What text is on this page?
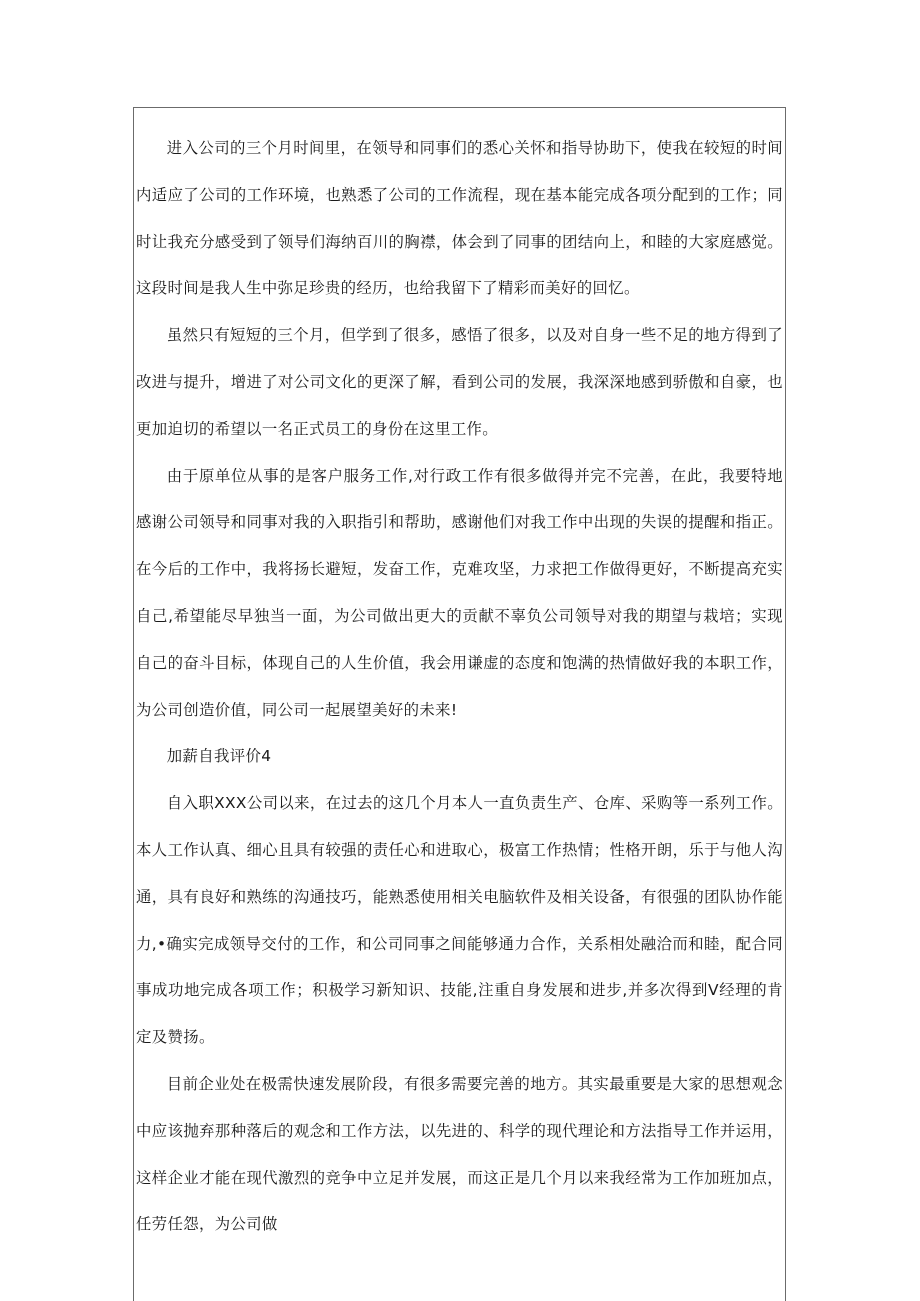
进入公司的三个月时间里，在领导和同事们的悉心关怀和指导协助下，使我在较短的时间内适应了公司的工作环境，也熟悉了公司的工作流程，现在基本能完成各项分配到的工作；同时让我充分感受到了领导们海纳百川的胸襟，体会到了同事的团结向上，和睦的大家庭感觉。这段时间是我人生中弥足珍贵的经历，也给我留下了精彩而美好的回忆。

虽然只有短短的三个月，但学到了很多，感悟了很多，以及对自身一些不足的地方得到了改进与提升，增进了对公司文化的更深了解，看到公司的发展，我深深地感到骄傲和自豪，也更加迫切的希望以一名正式员工的身份在这里工作。

由于原单位从事的是客户服务工作,对行政工作有很多做得并完不完善，在此，我要特地感谢公司领导和同事对我的入职指引和帮助，感谢他们对我工作中出现的失误的提醒和指正。在今后的工作中，我将扬长避短，发奋工作，克难攻坚，力求把工作做得更好，不断提高充实自己,希望能尽早独当一面，为公司做出更大的贡献不辜负公司领导对我的期望与栽培；实现自己的奋斗目标，体现自己的人生价值，我会用谦虚的态度和饱满的热情做好我的本职工作，为公司创造价值，同公司一起展望美好的未来!

加薪自我评价4

自入职XXX公司以来，在过去的这几个月本人一直负责生产、仓库、采购等一系列工作。本人工作认真、细心且具有较强的责任心和进取心，极富工作热情；性格开朗，乐于与他人沟通，具有良好和熟练的沟通技巧，能熟悉使用相关电脑软件及相关设备，有很强的团队协作能力,•确实完成领导交付的工作，和公司同事之间能够通力合作，关系相处融洽而和睦，配合同事成功地完成各项工作；积极学习新知识、技能,注重自身发展和进步,并多次得到V经理的肯定及赞扬。

目前企业处在极需快速发展阶段，有很多需要完善的地方。其实最重要是大家的思想观念中应该抛弃那种落后的观念和工作方法，以先进的、科学的现代理论和方法指导工作并运用，这样企业才能在现代激烈的竞争中立足并发展，而这正是几个月以来我经常为工作加班加点，任劳任怨，为公司做
